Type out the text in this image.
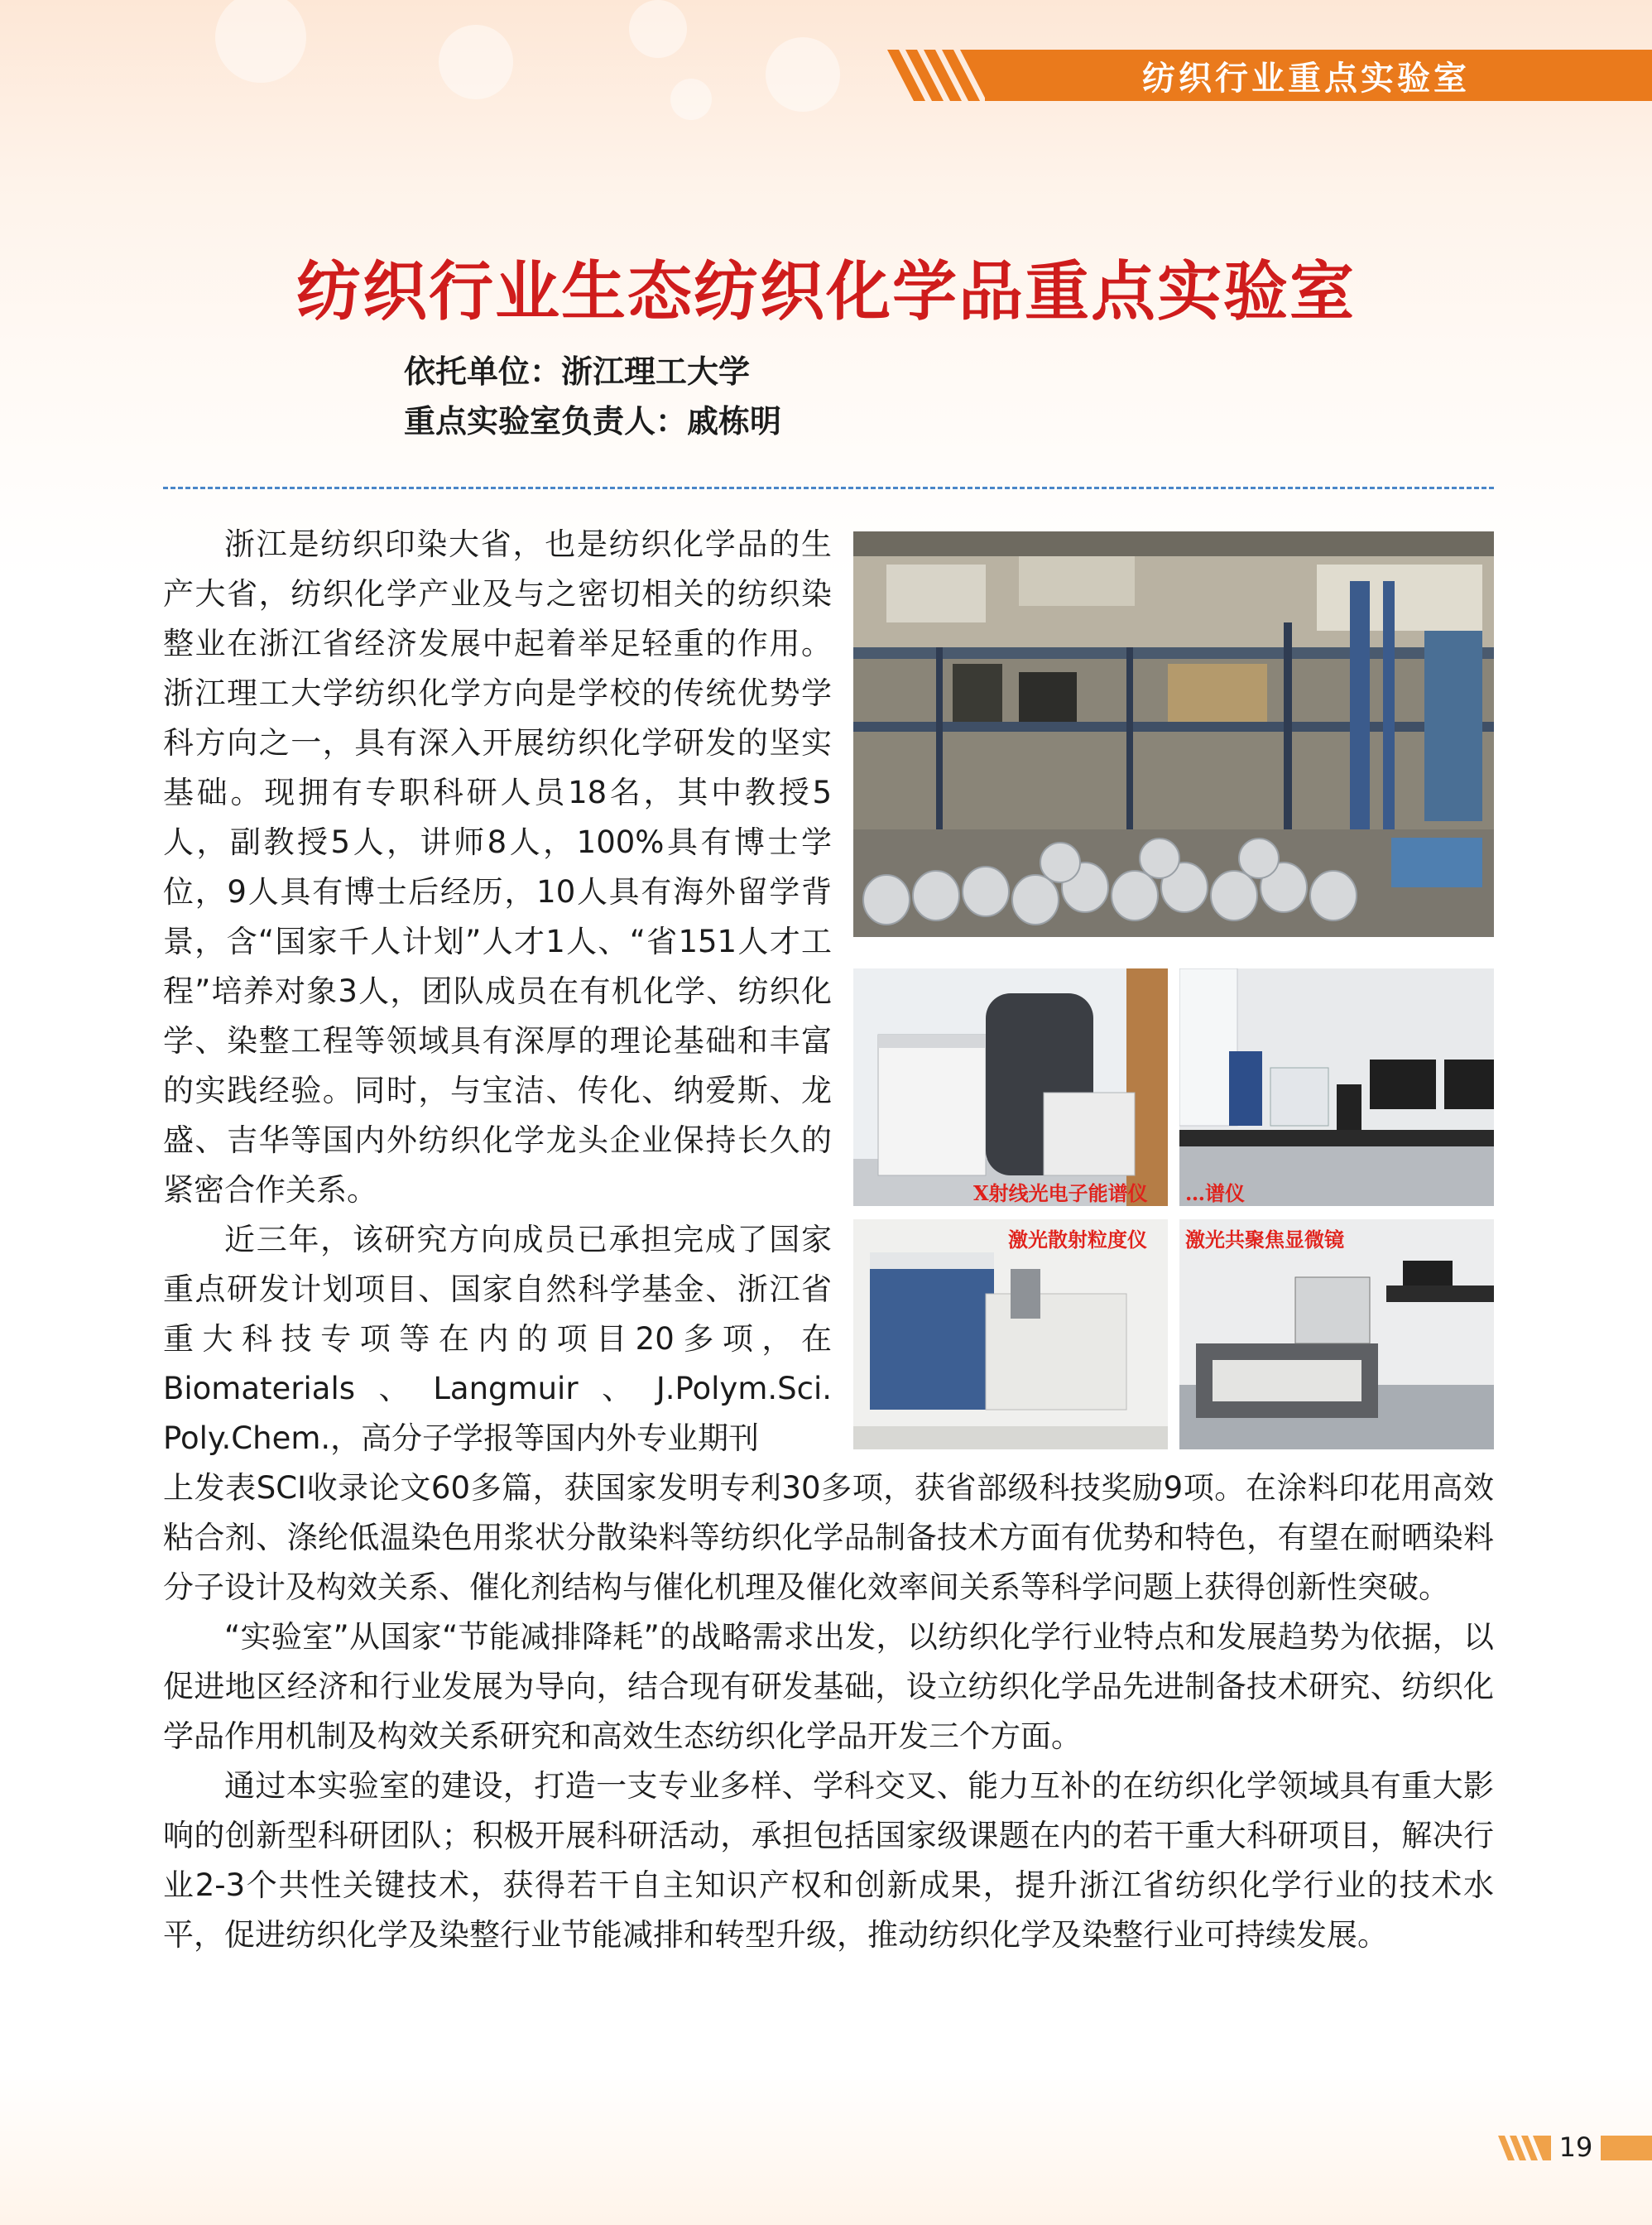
纺织行业重点实验室
纺织行业生态纺织化学品重点实验室
依托单位：浙江理工大学
重点实验室负责人：戚栋明

浙江是纺织印染大省，也是纺织化学品的生产大省，纺织化学产业及与之密切相关的纺织染整业在浙江省经济发展中起着举足轻重的作用。浙江理工大学纺织化学方向是学校的传统优势学科方向之一，具有深入开展纺织化学研发的坚实基础。现拥有专职科研人员18名，其中教授5人，副教授5人，讲师8人，100%具有博士学位，9人具有博士后经历，10人具有海外留学背景，含“国家千人计划”人才1人、“省151人才工程”培养对象3人，团队成员在有机化学、纺织化学、染整工程等领域具有深厚的理论基础和丰富的实践经验。同时，与宝洁、传化、纳爱斯、龙盛、吉华等国内外纺织化学龙头企业保持长久的紧密合作关系。

近三年，该研究方向成员已承担完成了国家重点研发计划项目、国家自然科学基金、浙江省重大科技专项等在内的项目20多项，在Biomaterials、Langmuir、J.Polym.Sci. Poly.Chem.，高分子学报等国内外专业期刊

X射线光电子能谱仪 …谱仪
激光散射粒度仪 激光共聚焦显微镜

上发表SCI收录论文60多篇，获国家发明专利30多项，获省部级科技奖励9项。在涂料印花用高效粘合剂、涤纶低温染色用浆状分散染料等纺织化学品制备技术方面有优势和特色，有望在耐晒染料分子设计及构效关系、催化剂结构与催化机理及催化效率间关系等科学问题上获得创新性突破。

“实验室”从国家“节能减排降耗”的战略需求出发，以纺织化学行业特点和发展趋势为依据，以促进地区经济和行业发展为导向，结合现有研发基础，设立纺织化学品先进制备技术研究、纺织化学品作用机制及构效关系研究和高效生态纺织化学品开发三个方面。

通过本实验室的建设，打造一支专业多样、学科交叉、能力互补的在纺织化学领域具有重大影响的创新型科研团队；积极开展科研活动，承担包括国家级课题在内的若干重大科研项目，解决行业2-3个共性关键技术，获得若干自主知识产权和创新成果，提升浙江省纺织化学行业的技术水平，促进纺织化学及染整行业节能减排和转型升级，推动纺织化学及染整行业可持续发展。

19
